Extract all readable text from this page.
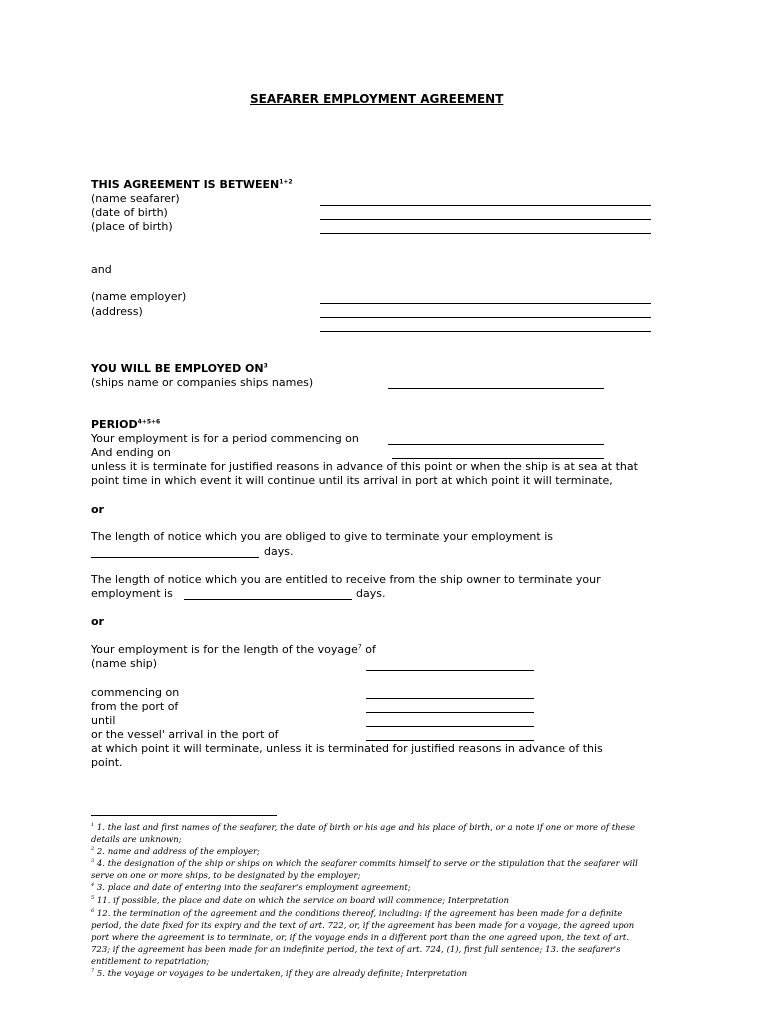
SEAFARER EMPLOYMENT AGREEMENT
THIS AGREEMENT IS $BETWEEN^{1+2}$
(name seafarer)
(date of birth)
(place of birth)
and
(name employer)
(address)
YOU WILL BE EMPLOYED $ON^3$
(ships name or companies ships names)
$PERIOD^{4+5+6}$
Your employment is for a period commencing on
And ending on
unless it is terminate for justified reasons in advance of this point or when the ship is at sea at that
point time in which event it will continue until its arrival in port at which point it will terminate,
or
The length of notice which you are obliged to give to terminate your employment is
days.
The length of notice which you are entitled to receive from the ship owner to terminate your
employment is	days.
or
Your employment is for the length of the voyage$^7$ of
(name ship)
commencing on
from the port of
until
or the vessel' arrival in the port of
at which point it will terminate, unless it is terminated for justified reasons in advance of this
point.
$^1$ 1. the last and first names of the seafarer, the date of birth or his age and his place of birth, or a note if one or more of these
details are unknown;
$^2$ 2. name and address of the employer;
$^3$ 4. the designation of the ship or ships on which the seafarer commits himself to serve or the stipulation that the seafarer will
serve on one or more ships, to be designated by the employer;
$^4$ 3. place and date of entering into the seafarer's employment agreement;
$^5$ 11. if possible, the place and date on which the service on board will commence; Interpretation
$^6$ 12. the termination of the agreement and the conditions thereof, including: if the agreement has been made for a definite
period, the date fixed for its expiry and the text of art. 722, or, if the agreement has been made for a voyage, the agreed upon
port where the agreement is to terminate, or, if the voyage ends in a different port than the one agreed upon, the text of art.
723; if the agreement has been made for an indefinite period, the text of art. 724, (1), first full sentence; 13. the seafarer's
entitlement to repatriation;
$^7$ 5. the voyage or voyages to be undertaken, if they are already definite; Interpretation
